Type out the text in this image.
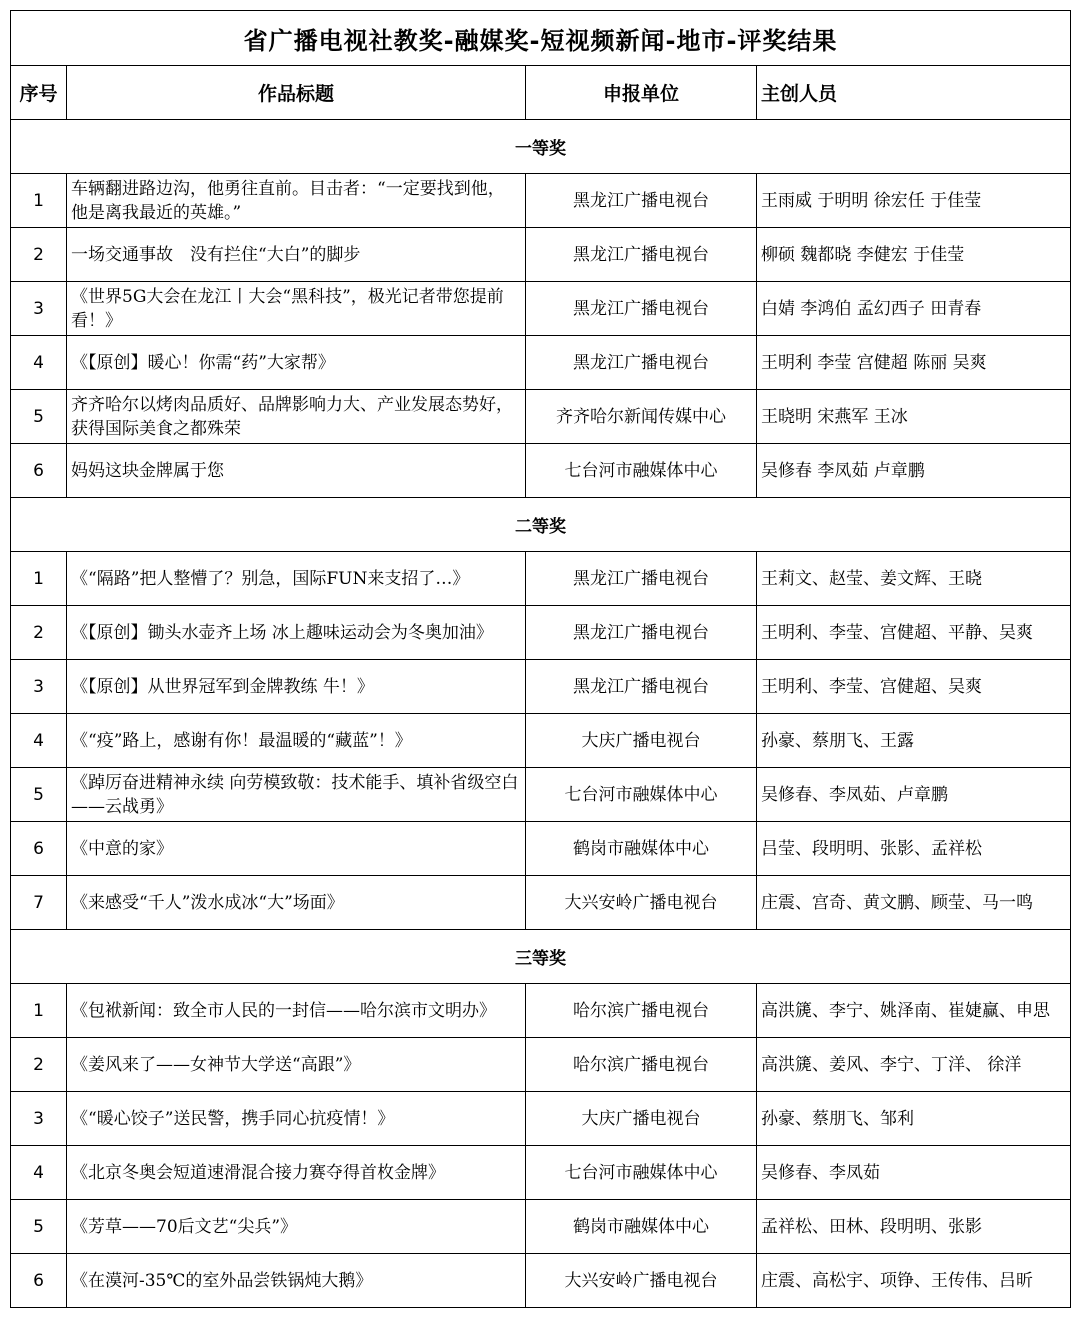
省广播电视社教奖-融媒奖-短视频新闻-地市-评奖结果			
序号	作品标题	申报单位	主创人员
一等奖			
1	车辆翻进路边沟，他勇往直前。目击者：“一定要找到他，他是离我最近的英雄。”	黑龙江广播电视台	王雨威 于明明 徐宏任 于佳莹
2	一场交通事故　没有拦住“大白”的脚步	黑龙江广播电视台	柳硕 魏都晓 李健宏 于佳莹
3	《世界5G大会在龙江丨大会“黑科技”，极光记者带您提前看！》	黑龙江广播电视台	白婧 李鸿伯 孟幻西子 田青春
4	《【原创】暖心！你需“药”大家帮》	黑龙江广播电视台	王明利 李莹 宫健超 陈丽 吴爽
5	齐齐哈尔以烤肉品质好、品牌影响力大、产业发展态势好，获得国际美食之都殊荣	齐齐哈尔新闻传媒中心	王晓明 宋燕军 王冰
6	妈妈这块金牌属于您	七台河市融媒体中心	吴修春 李凤茹 卢章鹏
二等奖			
1	《“隔路”把人整懵了？别急，国际FUN来支招了…》	黑龙江广播电视台	王莉文、赵莹、姜文辉、王晓
2	《【原创】锄头水壶齐上场 冰上趣味运动会为冬奥加油》	黑龙江广播电视台	王明利、李莹、宫健超、平静、吴爽
3	《【原创】从世界冠军到金牌教练 牛！》	黑龙江广播电视台	王明利、李莹、宫健超、吴爽
4	《“疫”路上，感谢有你！最温暖的“藏蓝”！》	大庆广播电视台	孙豪、蔡朋飞、王露
5	《踔厉奋进精神永续 向劳模致敬：技术能手、填补省级空白——云战勇》	七台河市融媒体中心	吴修春、李凤茹、卢章鹏
6	《中意的家》	鹤岗市融媒体中心	吕莹、段明明、张影、孟祥松
7	《来感受“千人”泼水成冰“大”场面》	大兴安岭广播电视台	庄震、宫奇、黄文鹏、顾莹、马一鸣
三等奖			
1	《包袱新闻：致全市人民的一封信——哈尔滨市文明办》	哈尔滨广播电视台	高洪篪、李宁、姚泽南、崔婕赢、申思
2	《姜风来了——女神节大学送“高跟”》	哈尔滨广播电视台	高洪篪、姜风、李宁、丁洋、 徐洋
3	《“暖心饺子”送民警，携手同心抗疫情！》	大庆广播电视台	孙豪、蔡朋飞、邹利
4	《北京冬奥会短道速滑混合接力赛夺得首枚金牌》	七台河市融媒体中心	吴修春、李凤茹
5	《芳草——70后文艺“尖兵”》	鹤岗市融媒体中心	孟祥松、田林、段明明、张影
6	《在漠河-35℃的室外品尝铁锅炖大鹅》	大兴安岭广播电视台	庄震、高松宇、项铮、王传伟、吕昕
